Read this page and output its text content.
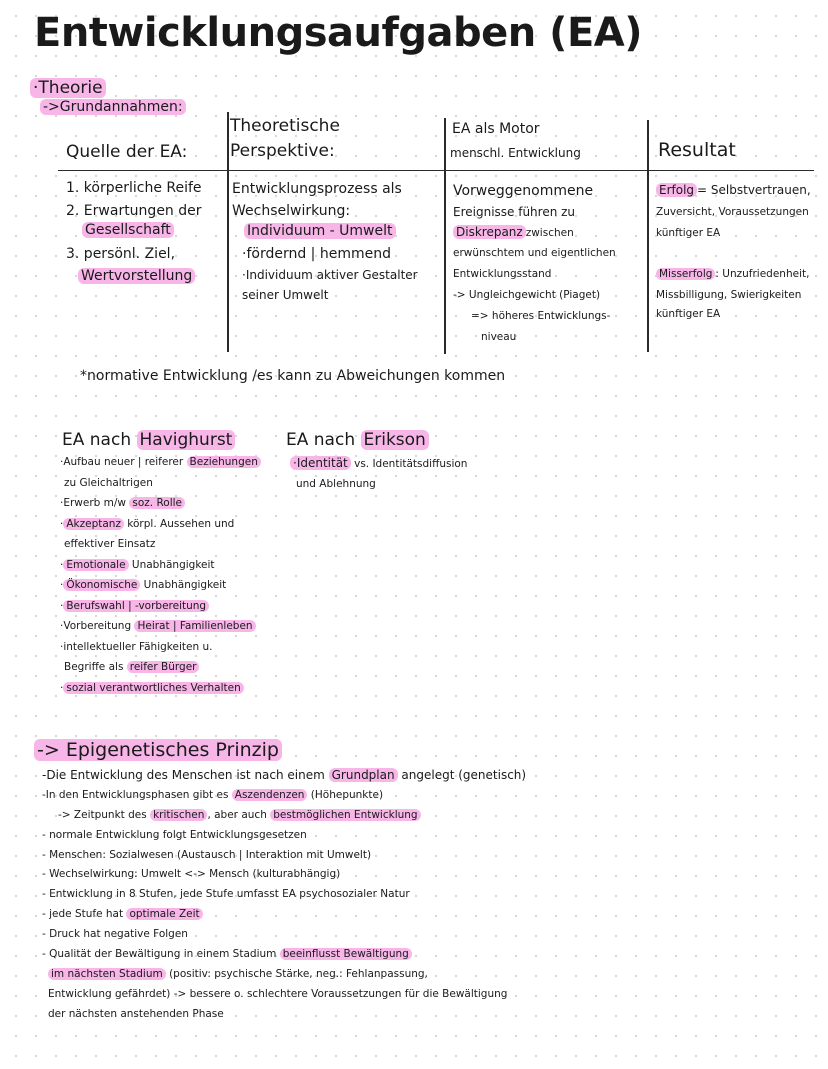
Entwicklungsaufgaben (EA)
·Theorie
->Grundannahmen:
Quelle der EA:
Theoretische
Perspektive:
EA als Motor
menschl. Entwicklung	Resultat
1. körperliche Reife
2. Erwartungen der
Gesellschaft
3. persönl. Ziel,
Wertvorstellung
Entwicklungsprozess als
Wechselwirkung:
Individuum - Umwelt
·fördernd | hemmend
·Individuum aktiver Gestalter
seiner Umwelt
Vorweggenommene
Ereignisse führen zu
Diskrepanz zwischen
erwünschtem und eigentlichen
Entwicklungsstand
-> Ungleichgewicht (Piaget)
=> höheres Entwicklungs-
niveau
Erfolg = Selbstvertrauen,
Zuversicht, Voraussetzungen
künftiger EA
Misserfolg : Unzufriedenheit,
Missbilligung, Swierigkeiten
künftiger EA
*normative Entwicklung /es kann zu Abweichungen kommen
EA nach Havighurst
·Aufbau neuer | reiferer Beziehungen
zu Gleichaltrigen
·Erwerb m/w soz. Rolle
· Akzeptanz körpl. Aussehen und
effektiver Einsatz
· Emotionale Unabhängigkeit
· Ökonomische Unabhängigkeit
· Berufswahl | -vorbereitung
·Vorbereitung Heirat | Familienleben
·intellektueller Fähigkeiten u.
Begriffe als reifer Bürger
· sozial verantwortliches Verhalten
EA nach Erikson
·Identität vs. Identitätsdiffusion
und Ablehnung
-> Epigenetisches Prinzip
-Die Entwicklung des Menschen ist nach einem Grundplan angelegt (genetisch)
-In den Entwicklungsphasen gibt es Aszendenzen (Höhepunkte)
-> Zeitpunkt des kritischen , aber auch bestmöglichen Entwicklung
- normale Entwicklung folgt Entwicklungsgesetzen
- Menschen: Sozialwesen (Austausch | Interaktion mit Umwelt)
- Wechselwirkung: Umwelt <-> Mensch (kulturabhängig)
- Entwicklung in 8 Stufen, jede Stufe umfasst EA psychosozialer Natur
- jede Stufe hat optimale Zeit
- Druck hat negative Folgen
- Qualität der Bewältigung in einem Stadium beeinflusst Bewältigung
im nächsten Stadium (positiv: psychische Stärke, neg.: Fehlanpassung,
Entwicklung gefährdet) -> bessere o. schlechtere Voraussetzungen für die Bewältigung
der nächsten anstehenden Phase
